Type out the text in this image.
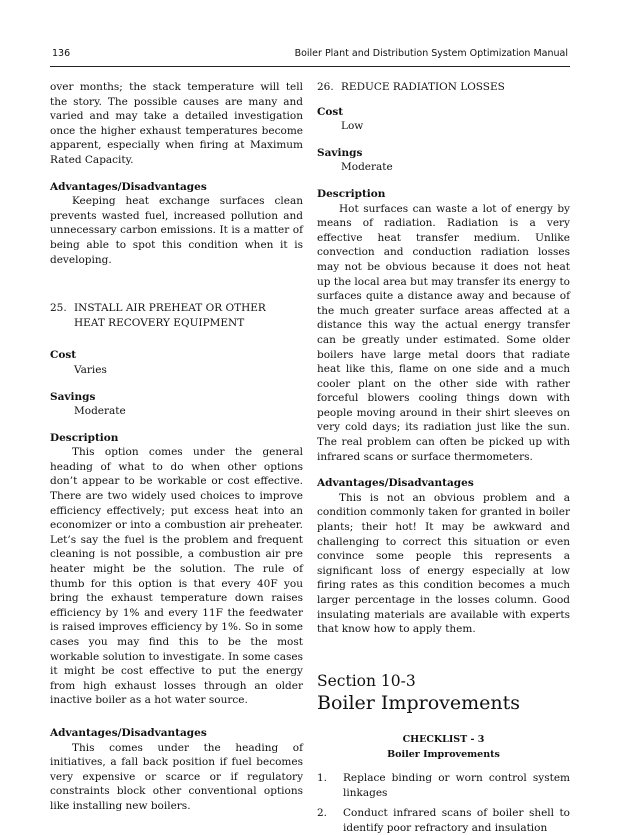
136	Boiler Plant and Distribution System Optimization Manual

over months; the stack temperature will tell the story. The possible causes are many and varied and may take a detailed investigation once the higher exhaust temperatures become apparent, especially when firing at Maximum Rated Capacity.

Advantages/Disadvantages

Keeping heat exchange surfaces clean prevents wasted fuel, increased pollution and unnecessary carbon emissions. It is a matter of being able to spot this condition when it is developing.

25. INSTALL AIR PREHEAT OR OTHER
HEAT RECOVERY EQUIPMENT

Cost

Varies

Savings

Moderate

Description

This option comes under the general heading of what to do when other options don’t appear to be workable or cost effective. There are two widely used choices to improve efficiency effectively; put excess heat into an economizer or into a combustion air preheater. Let’s say the fuel is the problem and frequent cleaning is not possible, a combustion air pre heater might be the solution. The rule of thumb for this option is that every 40F you bring the exhaust temperature down raises efficiency by 1% and every 11F the feedwater is raised improves efficiency by 1%. So in some cases you may find this to be the most workable solution to investigate. In some cases it might be cost effective to put the energy from high exhaust losses through an older inactive boiler as a hot water source.

Advantages/Disadvantages

This comes under the heading of initiatives, a fall back position if fuel becomes very expensive or scarce or if regulatory constraints block other conventional options like installing new boilers.

26. REDUCE RADIATION LOSSES

Cost

Low

Savings

Moderate

Description

Hot surfaces can waste a lot of energy by means of radiation. Radiation is a very effective heat transfer medium. Unlike convection and conduction radiation losses may not be obvious because it does not heat up the local area but may transfer its energy to surfaces quite a distance away and because of the much greater surface areas affected at a distance this way the actual energy transfer can be greatly under estimated. Some older boilers have large metal doors that radiate heat like this, flame on one side and a much cooler plant on the other side with rather forceful blowers cooling things down with people moving around in their shirt sleeves on very cold days; its radiation just like the sun. The real problem can often be picked up with infrared scans or surface thermometers.

Advantages/Disadvantages

This is not an obvious problem and a condition commonly taken for granted in boiler plants; their hot! It may be awkward and challenging to correct this situation or even convince some people this represents a significant loss of energy especially at low firing rates as this condition becomes a much larger percentage in the losses column. Good insulating materials are available with experts that know how to apply them.

Section 10-3
Boiler Improvements
CHECKLIST - 3
Boiler Improvements
1. Replace binding or worn control system linkages
2. Conduct infrared scans of boiler shell to identify poor refractory and insulation
